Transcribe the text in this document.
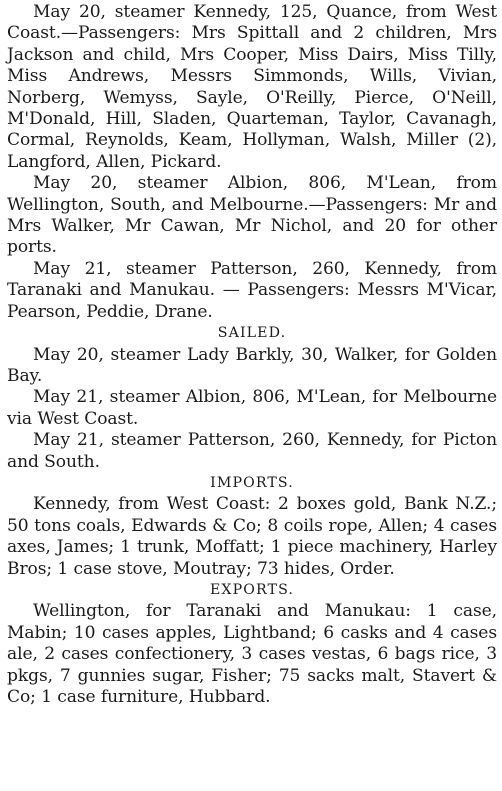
May 20, steamer Kennedy, 125, Quance, from West Coast.—Passengers: Mrs Spittall and 2 children, Mrs Jackson and child, Mrs Cooper, Miss Dairs, Miss Tilly, Miss Andrews, Messrs Simmonds, Wills, Vivian, Norberg, Wemyss, Sayle, O'Reilly, Pierce, O'Neill, M'Donald, Hill, Sladen, Quarteman, Taylor, Cavanagh, Cormal, Reynolds, Keam, Hollyman, Walsh, Miller (2), Langford, Allen, Pickard.

May 20, steamer Albion, 806, M'Lean, from Wellington, South, and Melbourne.—Passengers: Mr and Mrs Walker, Mr Cawan, Mr Nichol, and 20 for other ports.

May 21, steamer Patterson, 260, Kennedy, from Taranaki and Manukau. — Passengers: Messrs M'Vicar, Pearson, Peddie, Drane.

SAILED.

May 20, steamer Lady Barkly, 30, Walker, for Golden Bay.

May 21, steamer Albion, 806, M'Lean, for Melbourne via West Coast.

May 21, steamer Patterson, 260, Kennedy, for Picton and South.

IMPORTS.

Kennedy, from West Coast: 2 boxes gold, Bank N.Z.; 50 tons coals, Edwards & Co; 8 coils rope, Allen; 4 cases axes, James; 1 trunk, Moffatt; 1 piece machinery, Harley Bros; 1 case stove, Moutray; 73 hides, Order.

EXPORTS.

Wellington, for Taranaki and Manukau: 1 case, Mabin; 10 cases apples, Lightband; 6 casks and 4 cases ale, 2 cases confectionery, 3 cases vestas, 6 bags rice, 3 pkgs, 7 gunnies sugar, Fisher; 75 sacks malt, Stavert & Co; 1 case furniture, Hubbard.
